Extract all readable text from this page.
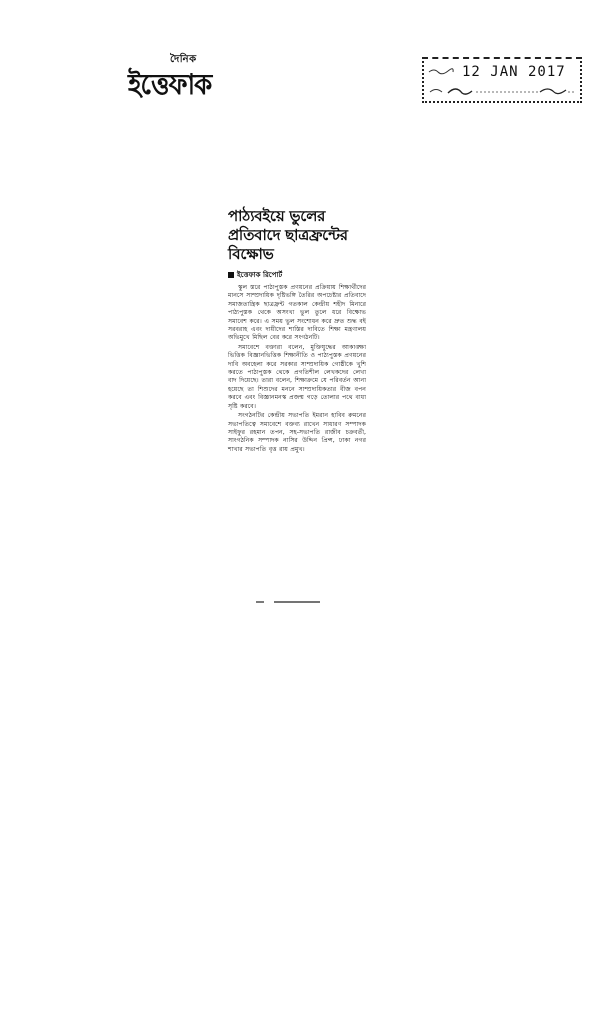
দৈনিক
ইত্তেফাক	12 JAN 2017
পাঠ্যবইয়ে ভুলের প্রতিবাদে ছাত্রফ্রন্টের বিক্ষোভ
ইত্তেফাক রিপোর্ট

স্কুল স্তরে পাঠ্যপুস্তক প্রণয়নের প্রক্রিয়ায় শিক্ষার্থীদের মানসে সাম্প্রদায়িক দৃষ্টিভঙ্গি তৈরির অপচেষ্টার প্রতিবাদে সমাজতান্ত্রিক ছাত্রফ্রন্ট গতকাল কেন্দ্রীয় শহীদ মিনারে পাঠ্যপুস্তক থেকে অসংখ্য ভুল তুলে ধরে বিক্ষোভ সমাবেশ করে। এ সময় ভুল সংশোধন করে দ্রুত শুদ্ধ বই সরবরাহ এবং দায়ীদের শাস্তির দাবিতে শিক্ষা মন্ত্রণালয় অভিমুখে মিছিল বের করে সংগঠনটি।

সমাবেশে বক্তারা বলেন, মুক্তিযুদ্ধের আকাঙ্ক্ষা ভিত্তিক বিজ্ঞানভিত্তিক শিক্ষানীতি ও পাঠ্যপুস্তক প্রণয়নের দাবি অবহেলা করে সরকার সাম্প্রদায়িক গোষ্ঠীকে খুশি করতে পাঠ্যপুস্তক থেকে প্রগতিশীল লেখকদের লেখা বাদ দিয়েছে। তারা বলেন, শিক্ষাক্রমে যে পরিবর্তন আনা হয়েছে তা শিশুদের মননে সাম্প্রদায়িকতার বীজ বপন করবে এবং বিজ্ঞানমনস্ক প্রজন্ম গড়ে তোলার পথে বাধা সৃষ্টি করবে।

সংগঠনটির কেন্দ্রীয় সভাপতি ইমরান হাবিব রুমনের সভাপতিত্বে সমাবেশে বক্তব্য রাখেন সাধারণ সম্পাদক সাইফুর রহমান তপন, সহ-সভাপতি রাজীব চক্রবর্তী, সাংগঠনিক সম্পাদক নাসির উদ্দিন প্রিন্স, ঢাকা নগর শাখার সভাপতি বৃত্ত রায় প্রমুখ।
